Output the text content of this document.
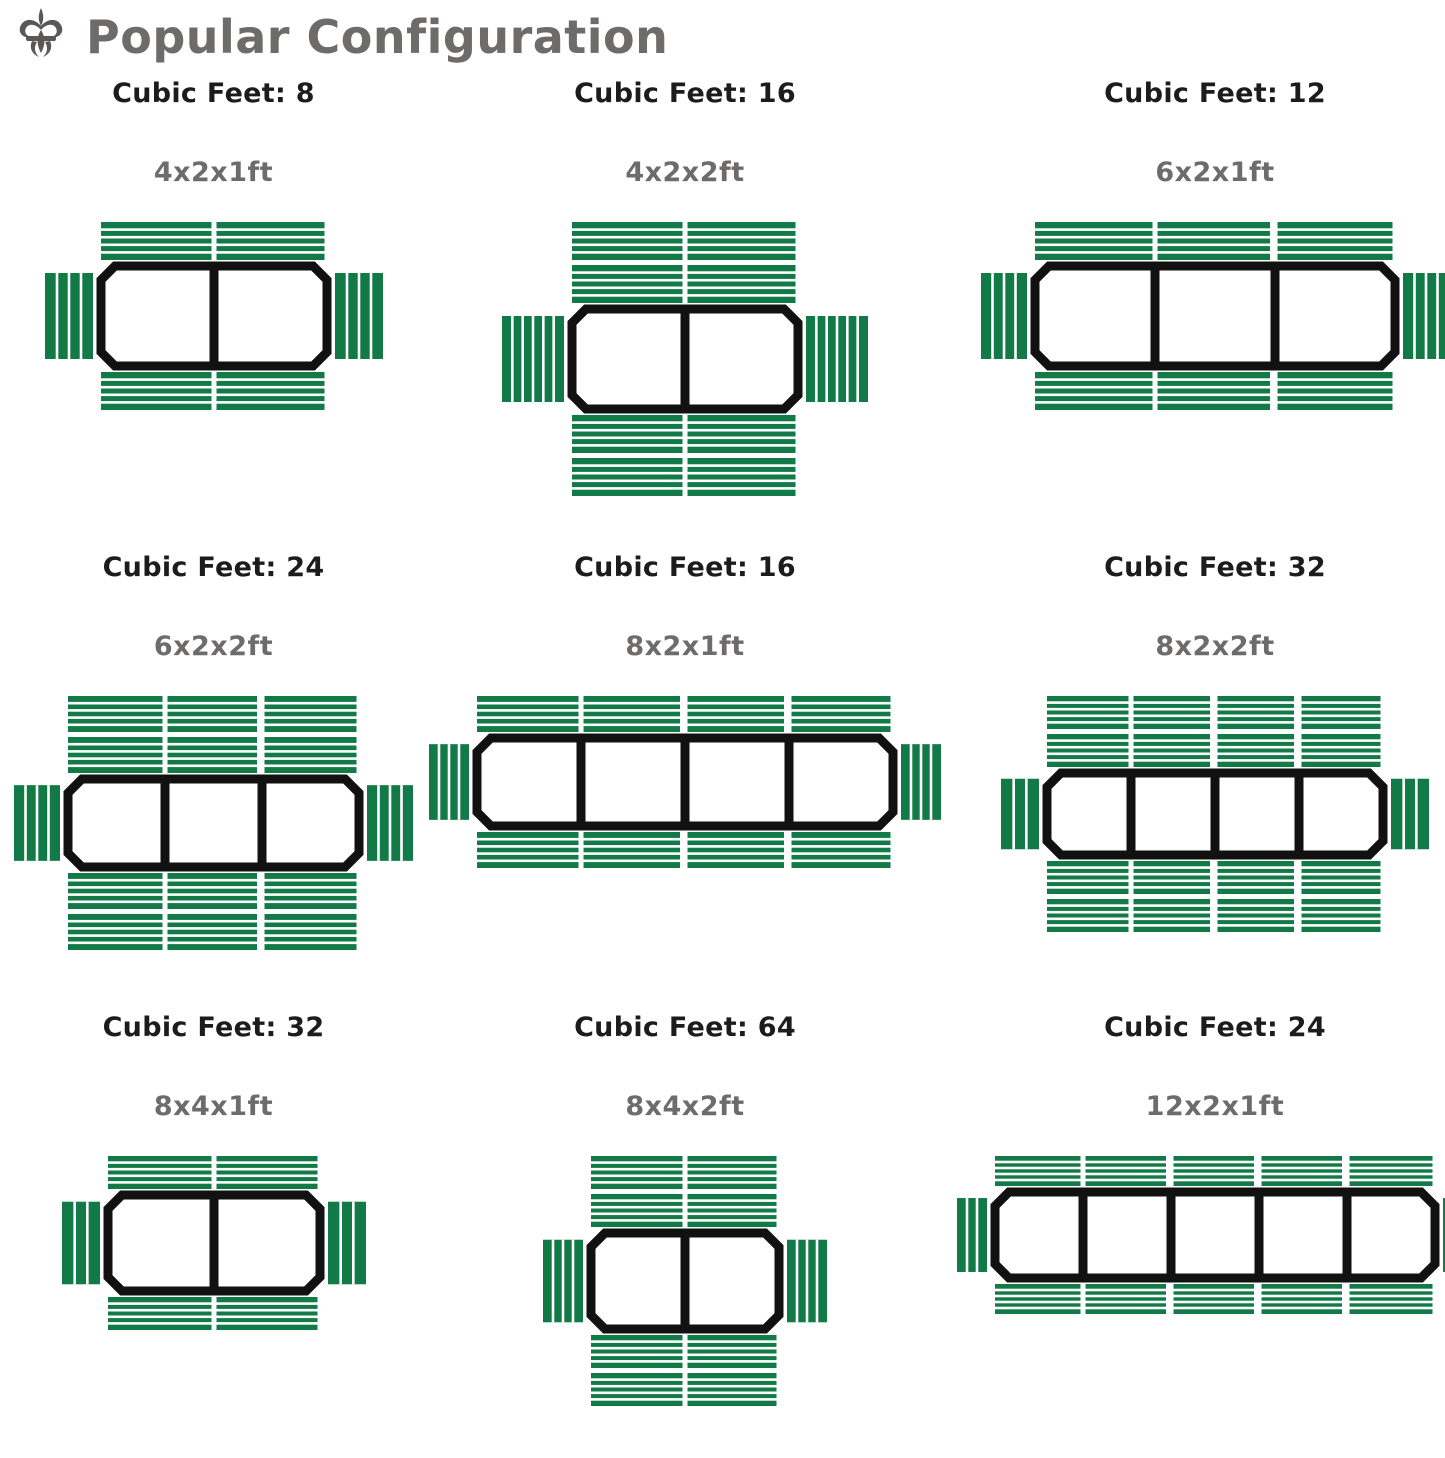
Popular Configuration
Cubic Feet: 8
4x2x1ft
Cubic Feet: 16
4x2x2ft
Cubic Feet: 12
6x2x1ft
Cubic Feet: 24
6x2x2ft
Cubic Feet: 16
8x2x1ft
Cubic Feet: 32
8x2x2ft
Cubic Feet: 32
8x4x1ft
Cubic Feet: 64
8x4x2ft
Cubic Feet: 24
12x2x1ft
